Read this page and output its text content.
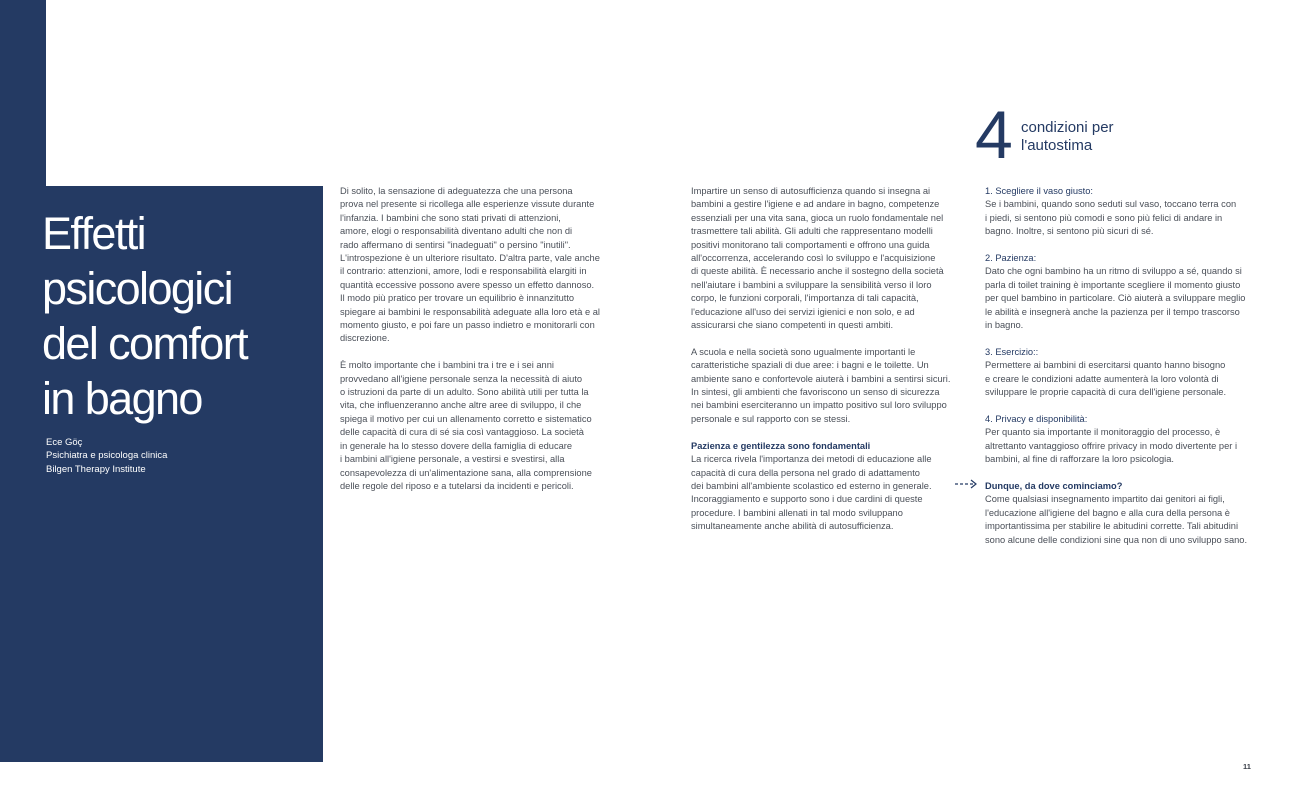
Effetti
psicologici
del comfort
in bagno
Ece Göç
Psichiatra e psicologa clinica
Bilgen Therapy Institute

Di solito, la sensazione di adeguatezza che una persona
prova nel presente si ricollega alle esperienze vissute durante
l'infanzia. I bambini che sono stati privati di attenzioni,
amore, elogi o responsabilità diventano adulti che non di
rado affermano di sentirsi "inadeguati" o persino "inutili".
L'introspezione è un ulteriore risultato. D'altra parte, vale anche
il contrario: attenzioni, amore, lodi e responsabilità elargiti in
quantità eccessive possono avere spesso un effetto dannoso.
Il modo più pratico per trovare un equilibrio è innanzitutto
spiegare ai bambini le responsabilità adeguate alla loro età e al
momento giusto, e poi fare un passo indietro e monitorarli con
discrezione.

È molto importante che i bambini tra i tre e i sei anni
provvedano all'igiene personale senza la necessità di aiuto
o istruzioni da parte di un adulto. Sono abilità utili per tutta la
vita, che influenzeranno anche altre aree di sviluppo, il che
spiega il motivo per cui un allenamento corretto e sistematico
delle capacità di cura di sé sia così vantaggioso. La società
in generale ha lo stesso dovere della famiglia di educare
i bambini all'igiene personale, a vestirsi e svestirsi, alla
consapevolezza di un'alimentazione sana, alla comprensione
delle regole del riposo e a tutelarsi da incidenti e pericoli.

Impartire un senso di autosufficienza quando si insegna ai
bambini a gestire l'igiene e ad andare in bagno, competenze
essenziali per una vita sana, gioca un ruolo fondamentale nel
trasmettere tali abilità. Gli adulti che rappresentano modelli
positivi monitorano tali comportamenti e offrono una guida
all'occorrenza, accelerando così lo sviluppo e l'acquisizione
di queste abilità. È necessario anche il sostegno della società
nell'aiutare i bambini a sviluppare la sensibilità verso il loro
corpo, le funzioni corporali, l'importanza di tali capacità,
l'educazione all'uso dei servizi igienici e non solo, e ad
assicurarsi che siano competenti in questi ambiti.

A scuola e nella società sono ugualmente importanti le
caratteristiche spaziali di due aree: i bagni e le toilette. Un
ambiente sano e confortevole aiuterà i bambini a sentirsi sicuri.
In sintesi, gli ambienti che favoriscono un senso di sicurezza
nei bambini eserciteranno un impatto positivo sul loro sviluppo
personale e sul rapporto con se stessi.

Pazienza e gentilezza sono fondamentali
La ricerca rivela l'importanza dei metodi di educazione alle
capacità di cura della persona nel grado di adattamento
dei bambini all'ambiente scolastico ed esterno in generale.
Incoraggiamento e supporto sono i due cardini di queste
procedure. I bambini allenati in tal modo sviluppano
simultaneamente anche abilità di autosufficienza.

4 condizioni per
l'autostima

1. Scegliere il vaso giusto:
Se i bambini, quando sono seduti sul vaso, toccano terra con
i piedi, si sentono più comodi e sono più felici di andare in
bagno. Inoltre, si sentono più sicuri di sé.

2. Pazienza:
Dato che ogni bambino ha un ritmo di sviluppo a sé, quando si
parla di toilet training è importante scegliere il momento giusto
per quel bambino in particolare. Ciò aiuterà a sviluppare meglio
le abilità e insegnerà anche la pazienza per il tempo trascorso
in bagno.

3. Esercizio::
Permettere ai bambini di esercitarsi quanto hanno bisogno
e creare le condizioni adatte aumenterà la loro volontà di
sviluppare le proprie capacità di cura dell'igiene personale.

4. Privacy e disponibilità:
Per quanto sia importante il monitoraggio del processo, è
altrettanto vantaggioso offrire privacy in modo divertente per i
bambini, al fine di rafforzare la loro psicologia.

Dunque, da dove cominciamo?
Come qualsiasi insegnamento impartito dai genitori ai figli,
l'educazione all'igiene del bagno e alla cura della persona è
importantissima per stabilire le abitudini corrette. Tali abitudini
sono alcune delle condizioni sine qua non di uno sviluppo sano.

11
